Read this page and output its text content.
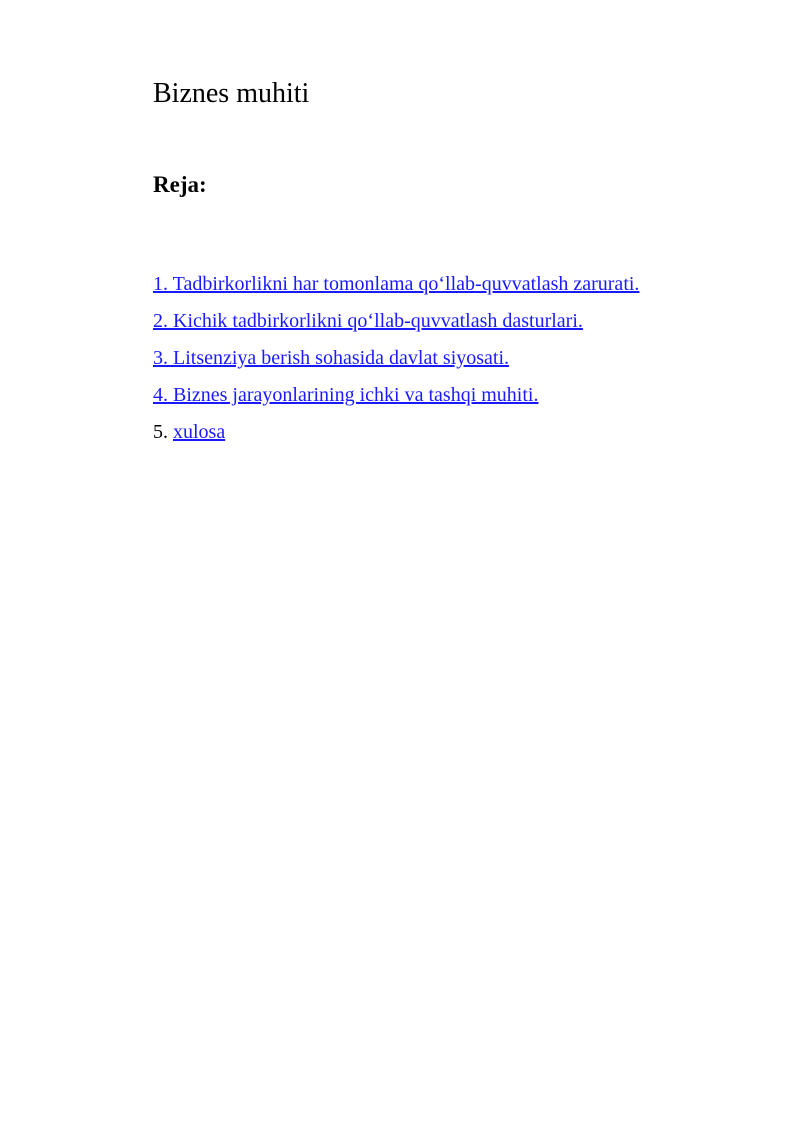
Biznes muhiti
Reja:
1. Tadbirkorlikni har tomonlama qo‘llab-quvvatlash zarurati.
2. Kichik tadbirkorlikni qo‘llab-quvvatlash dasturlari.
3. Litsenziya berish sohasida davlat siyosati.
4. Biznes jarayonlarining ichki va tashqi muhiti.
5. xulosa
